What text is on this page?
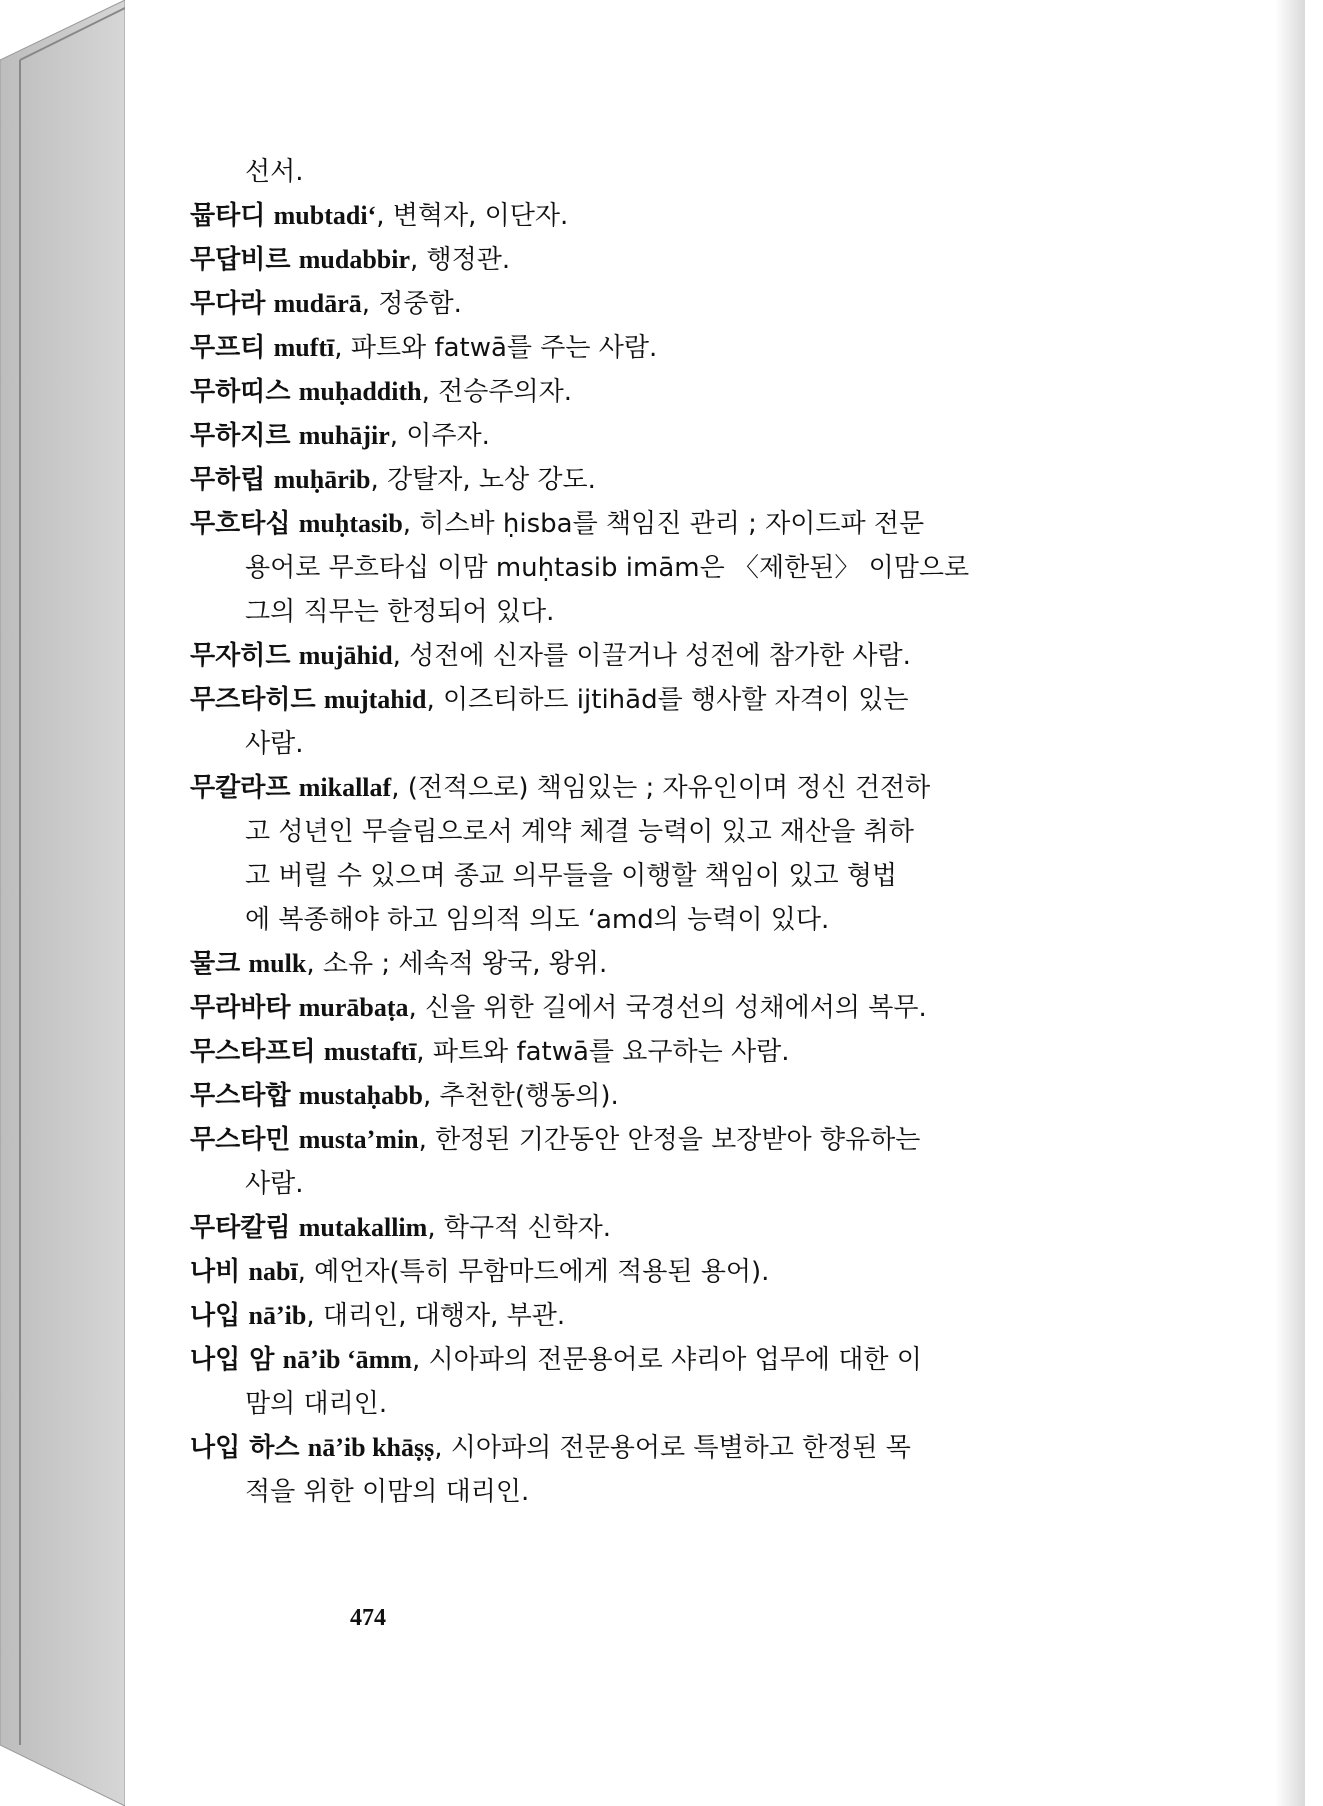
선서.
뭅타디 mubtadi‘, 변혁자, 이단자.
무답비르 mudabbir, 행정관.
무다라 mudārā, 정중함.
무프티 muftī, 파트와 fatwā를 주는 사람.
무하띠스 muḥaddith, 전승주의자.
무하지르 muhājir, 이주자.
무하립 muḥārib, 강탈자, 노상 강도.
무흐타십 muḥtasib, 히스바 ḥisba를 책임진 관리 ; 자이드파 전문
용어로 무흐타십 이맘 muḥtasib imām은 〈제한된〉 이맘으로
그의 직무는 한정되어 있다.
무자히드 mujāhid, 성전에 신자를 이끌거나 성전에 참가한 사람.
무즈타히드 mujtahid, 이즈티하드 ijtihād를 행사할 자격이 있는
사람.
무칼라프 mikallaf, (전적으로) 책임있는 ; 자유인이며 정신 건전하
고 성년인 무슬림으로서 계약 체결 능력이 있고 재산을 취하
고 버릴 수 있으며 종교 의무들을 이행할 책임이 있고 형법
에 복종해야 하고 임의적 의도 ‘amd의 능력이 있다.
물크 mulk, 소유 ; 세속적 왕국, 왕위.
무라바타 murābaṭa, 신을 위한 길에서 국경선의 성채에서의 복무.
무스타프티 mustaftī, 파트와 fatwā를 요구하는 사람.
무스타합 mustaḥabb, 추천한(행동의).
무스타민 musta’min, 한정된 기간동안 안정을 보장받아 향유하는
사람.
무타칼림 mutakallim, 학구적 신학자.
나비 nabī, 예언자(특히 무함마드에게 적용된 용어).
나입 nā’ib, 대리인, 대행자, 부관.
나입 암 nā’ib ‘āmm, 시아파의 전문용어로 샤리아 업무에 대한 이
맘의 대리인.
나입 하스 nā’ib khāṣṣ, 시아파의 전문용어로 특별하고 한정된 목
적을 위한 이맘의 대리인.
474
